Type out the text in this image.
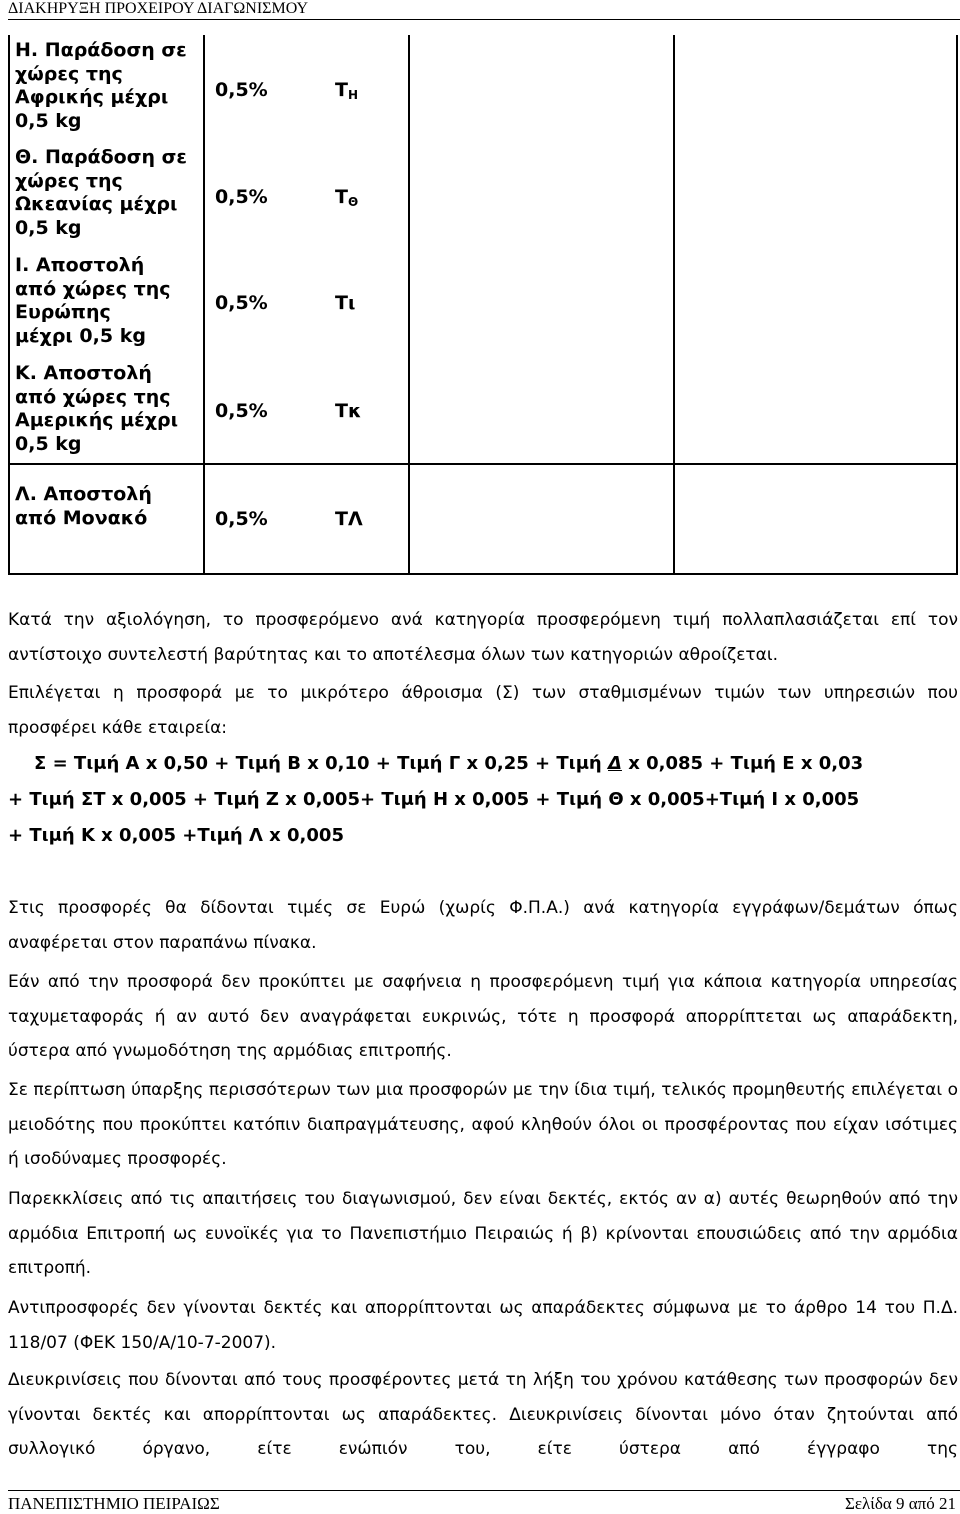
ΔΙΑΚΗΡΥΞΗ ΠΡΟΧΕΙΡΟΥ ΔΙΑΓΩΝΙΣΜΟΥ
Η. Παράδοση σε
χώρες της
Αφρικής μέχρι
0,5 kg
0,5%	$T_H$
Θ. Παράδοση σε
χώρες της
Ωκεανίας μέχρι
0,5 kg
0,5%	$T_\Theta$
Ι. Αποστολή
από χώρες της
Ευρώπης
μέχρι 0,5 kg
0,5%	Τι
Κ. Αποστολή
από χώρες της
Αμερικής μέχρι
0,5 kg
0,5%	Τκ
Λ. Αποστολή
από Μονακό	0,5%	ΤΛ
Κατά την αξιολόγηση, το προσφερόμενο ανά κατηγορία προσφερόμενη τιμή πολλαπλασιάζεται επί τον αντίστοιχο συντελεστή βαρύτητας και το αποτέλεσμα όλων των κατηγοριών αθροίζεται.
Επιλέγεται η προσφορά με το μικρότερο άθροισμα (Σ) των σταθμισμένων τιμών των υπηρεσιών που προσφέρει κάθε εταιρεία:
Σ = Τιμή Α x 0,50 + Τιμή Β x 0,10 + Τιμή Γ x 0,25 + Τιμή Δ x 0,085 + Τιμή Ε x 0,03
+ Τιμή ΣΤ x 0,005 + Τιμή Ζ x 0,005+ Τιμή Η x 0,005 + Τιμή Θ x 0,005+Τιμή Ι x 0,005
+ Τιμή Κ x 0,005 +Τιμή Λ x 0,005
Στις προσφορές θα δίδονται τιμές σε Ευρώ (χωρίς Φ.Π.Α.) ανά κατηγορία εγγράφων/δεμάτων όπως αναφέρεται στον παραπάνω πίνακα.
Εάν από την προσφορά δεν προκύπτει με σαφήνεια η προσφερόμενη τιμή για κάποια κατηγορία υπηρεσίας ταχυμεταφοράς ή αν αυτό δεν αναγράφεται ευκρινώς, τότε η προσφορά απορρίπτεται ως απαράδεκτη, ύστερα από γνωμοδότηση της αρμόδιας επιτροπής.
Σε περίπτωση ύπαρξης περισσότερων των μια προσφορών με την ίδια τιμή, τελικός προμηθευτής επιλέγεται ο μειοδότης που προκύπτει κατόπιν διαπραγμάτευσης, αφού κληθούν όλοι οι προσφέροντας που είχαν ισότιμες ή ισοδύναμες προσφορές.
Παρεκκλίσεις από τις απαιτήσεις του διαγωνισμού, δεν είναι δεκτές, εκτός αν α) αυτές θεωρηθούν από την αρμόδια Επιτροπή ως ευνοϊκές για το Πανεπιστήμιο Πειραιώς ή β) κρίνονται επουσιώδεις από την αρμόδια επιτροπή.
Αντιπροσφορές δεν γίνονται δεκτές και απορρίπτονται ως απαράδεκτες σύμφωνα με το άρθρο 14 του Π.Δ. 118/07 (ΦΕΚ 150/Α/10-7-2007).
Διευκρινίσεις που δίνονται από τους προσφέροντες μετά τη λήξη του χρόνου κατάθεσης των προσφορών δεν γίνονται δεκτές και απορρίπτονται ως απαράδεκτες. Διευκρινίσεις δίνονται μόνο όταν ζητούνται από συλλογικό όργανο, είτε ενώπιόν του, είτε ύστερα από έγγραφο της
ΠΑΝΕΠΙΣΤΗΜΙΟ ΠΕΙΡΑΙΩΣ	Σελίδα 9 από 21
